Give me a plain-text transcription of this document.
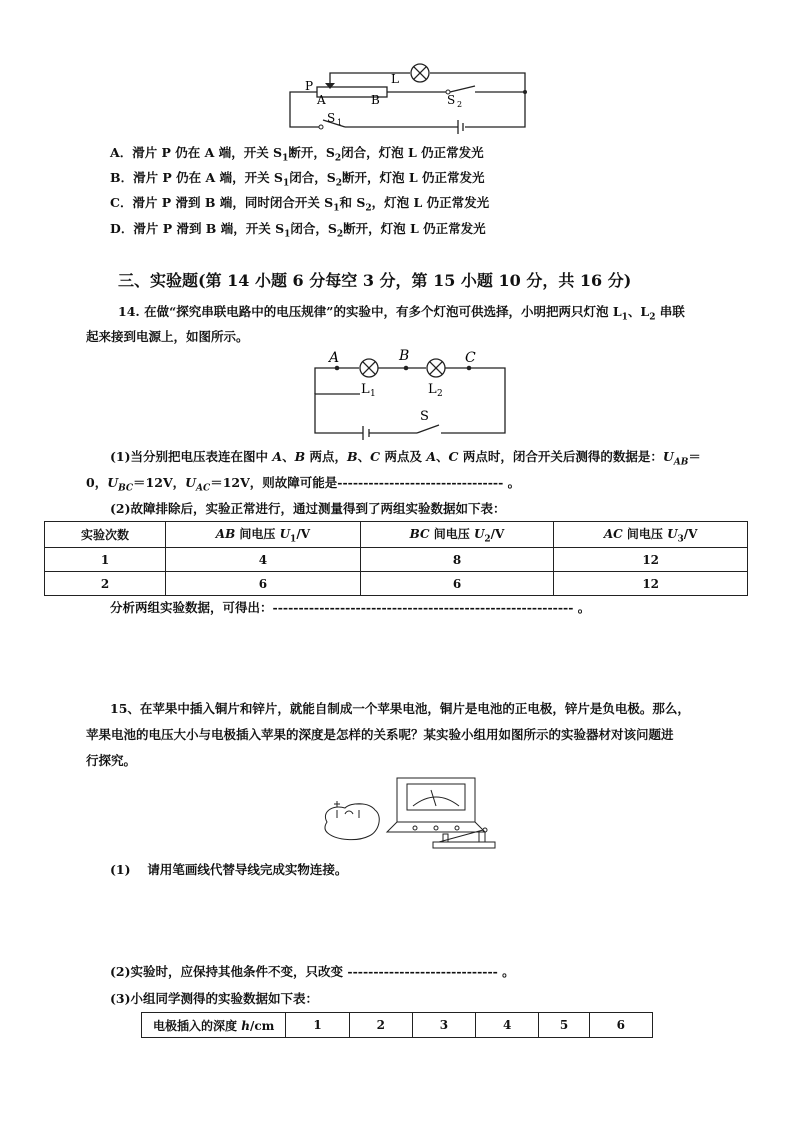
P	L
A	B
S 1
S 2
A．滑片 P 仍在 A 端，开关 $S_1$断开，$S_2$闭合，灯泡 L 仍正常发光
B．滑片 P 仍在 A 端，开关 $S_1$闭合，$S_2$断开，灯泡 L 仍正常发光
C．滑片 P 滑到 B 端，同时闭合开关 $S_1$和 $S_2$，灯泡 L 仍正常发光
D．滑片 P 滑到 B 端，开关 $S_1$闭合，$S_2$断开，灯泡 L 仍正常发光
三、实验题(第 14 小题 6 分每空 3 分，第 15 小题 10 分，共 16 分)
14. 在做“探究串联电路中的电压规律”的实验中，有多个灯泡可供选择，小明把两只灯泡 $L_1$、$L_2$ 串联
起来接到电源上，如图所示。
A	B	C
L 1	L 2
S
(1)当分别把电压表连在图中 A、B 两点，B、C 两点及 A、C 两点时，闭合开关后测得的数据是：$U_{AB}=$
0，$U_{BC}=12V$，$U_{AC}=12V$，则故障可能是-------------------------------- 。
(2)故障排除后，实验正常进行，通过测量得到了两组实验数据如下表：
实验次数	AB 间电压 $U_1/V$	BC 间电压 $U_2/V$	AC 间电压 $U_3/V$
1	4	8	12
2	6	6	12
分析两组实验数据，可得出：---------------------------------------------------------- 。
15、在苹果中插入铜片和锌片，就能自制成一个苹果电池，铜片是电池的正电极，锌片是负电极。那么，
苹果电池的电压大小与电极插入苹果的深度是怎样的关系呢？某实验小组用如图所示的实验器材对该问题进
行探究。
(1)　 请用笔画线代替导线完成实物连接。
(2)实验时，应保持其他条件不变，只改变 ----------------------------- 。
(3)小组同学测得的实验数据如下表：
电极插入的深度 h/cm	1	2	3	4	5	6
